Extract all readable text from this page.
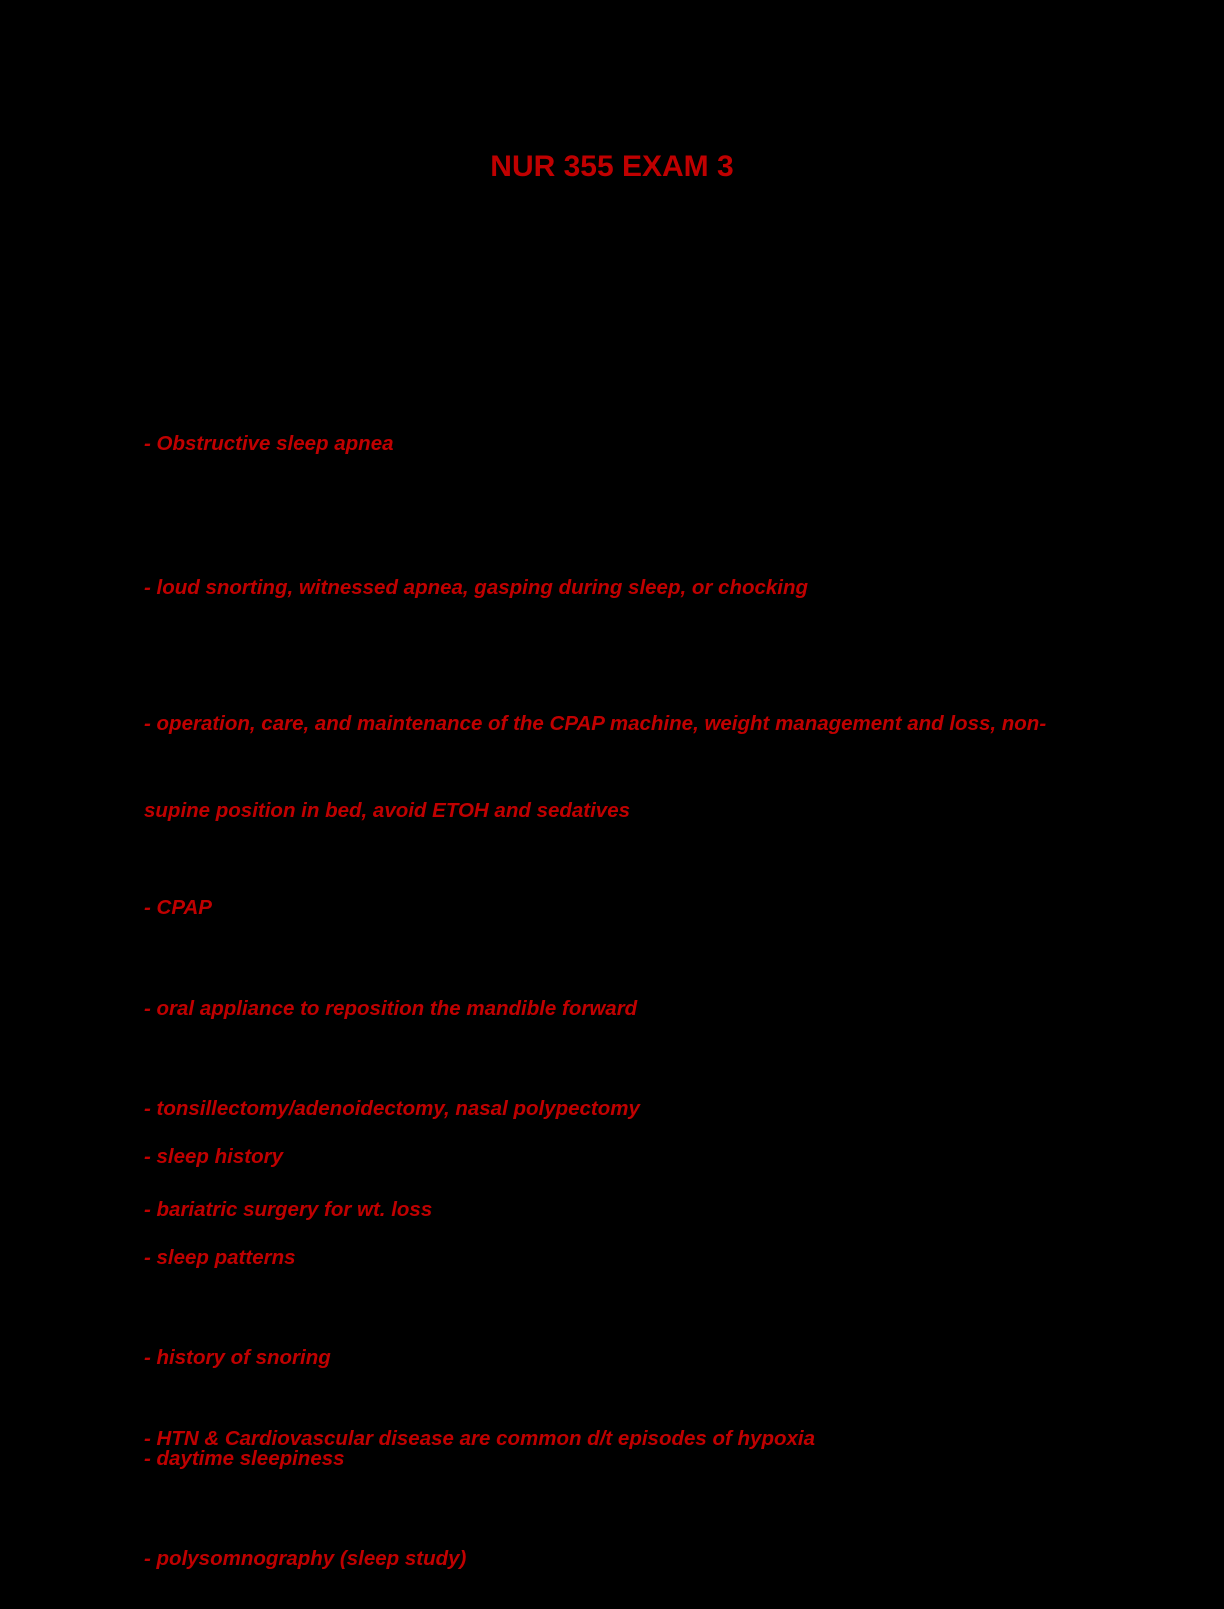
NUR 355 EXAM 3

- Obstructive sleep apnea

- loud snorting, witnessed apnea, gasping during sleep, or chocking

- operation, care, and maintenance of the CPAP machine, weight management and loss, non-

supine position in bed, avoid ETOH and sedatives

- CPAP

- oral appliance to reposition the mandible forward

- tonsillectomy/adenoidectomy, nasal polypectomy

- bariatric surgery for wt. loss

- sleep history

- sleep patterns

- history of snoring

- daytime sleepiness

- polysomnography (sleep study)

- HTN & Cardiovascular disease are common d/t episodes of hypoxia
